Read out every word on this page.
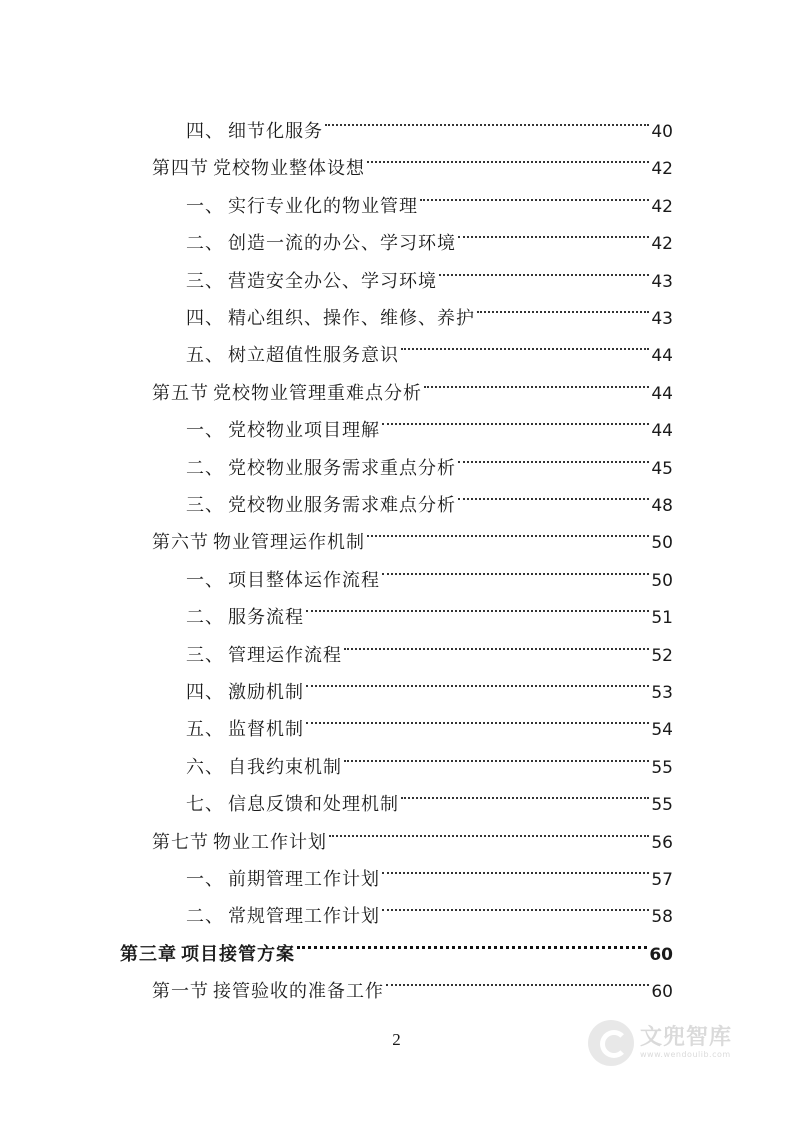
四、 细节化服务	40
第四节 党校物业整体设想	42
一、 实行专业化的物业管理	42
二、 创造一流的办公、学习环境	42
三、 营造安全办公、学习环境	43
四、 精心组织、操作、维修、养护	43
五、 树立超值性服务意识	44
第五节 党校物业管理重难点分析	44
一、 党校物业项目理解	44
二、 党校物业服务需求重点分析	45
三、 党校物业服务需求难点分析	48
第六节 物业管理运作机制	50
一、 项目整体运作流程	50
二、 服务流程	51
三、 管理运作流程	52
四、 激励机制	53
五、 监督机制	54
六、 自我约束机制	55
七、 信息反馈和处理机制	55
第七节 物业工作计划	56
一、 前期管理工作计划	57
二、 常规管理工作计划	58
第三章 项目接管方案	60
第一节 接管验收的准备工作	60
2	文兜智库
www.wendoulib.com
